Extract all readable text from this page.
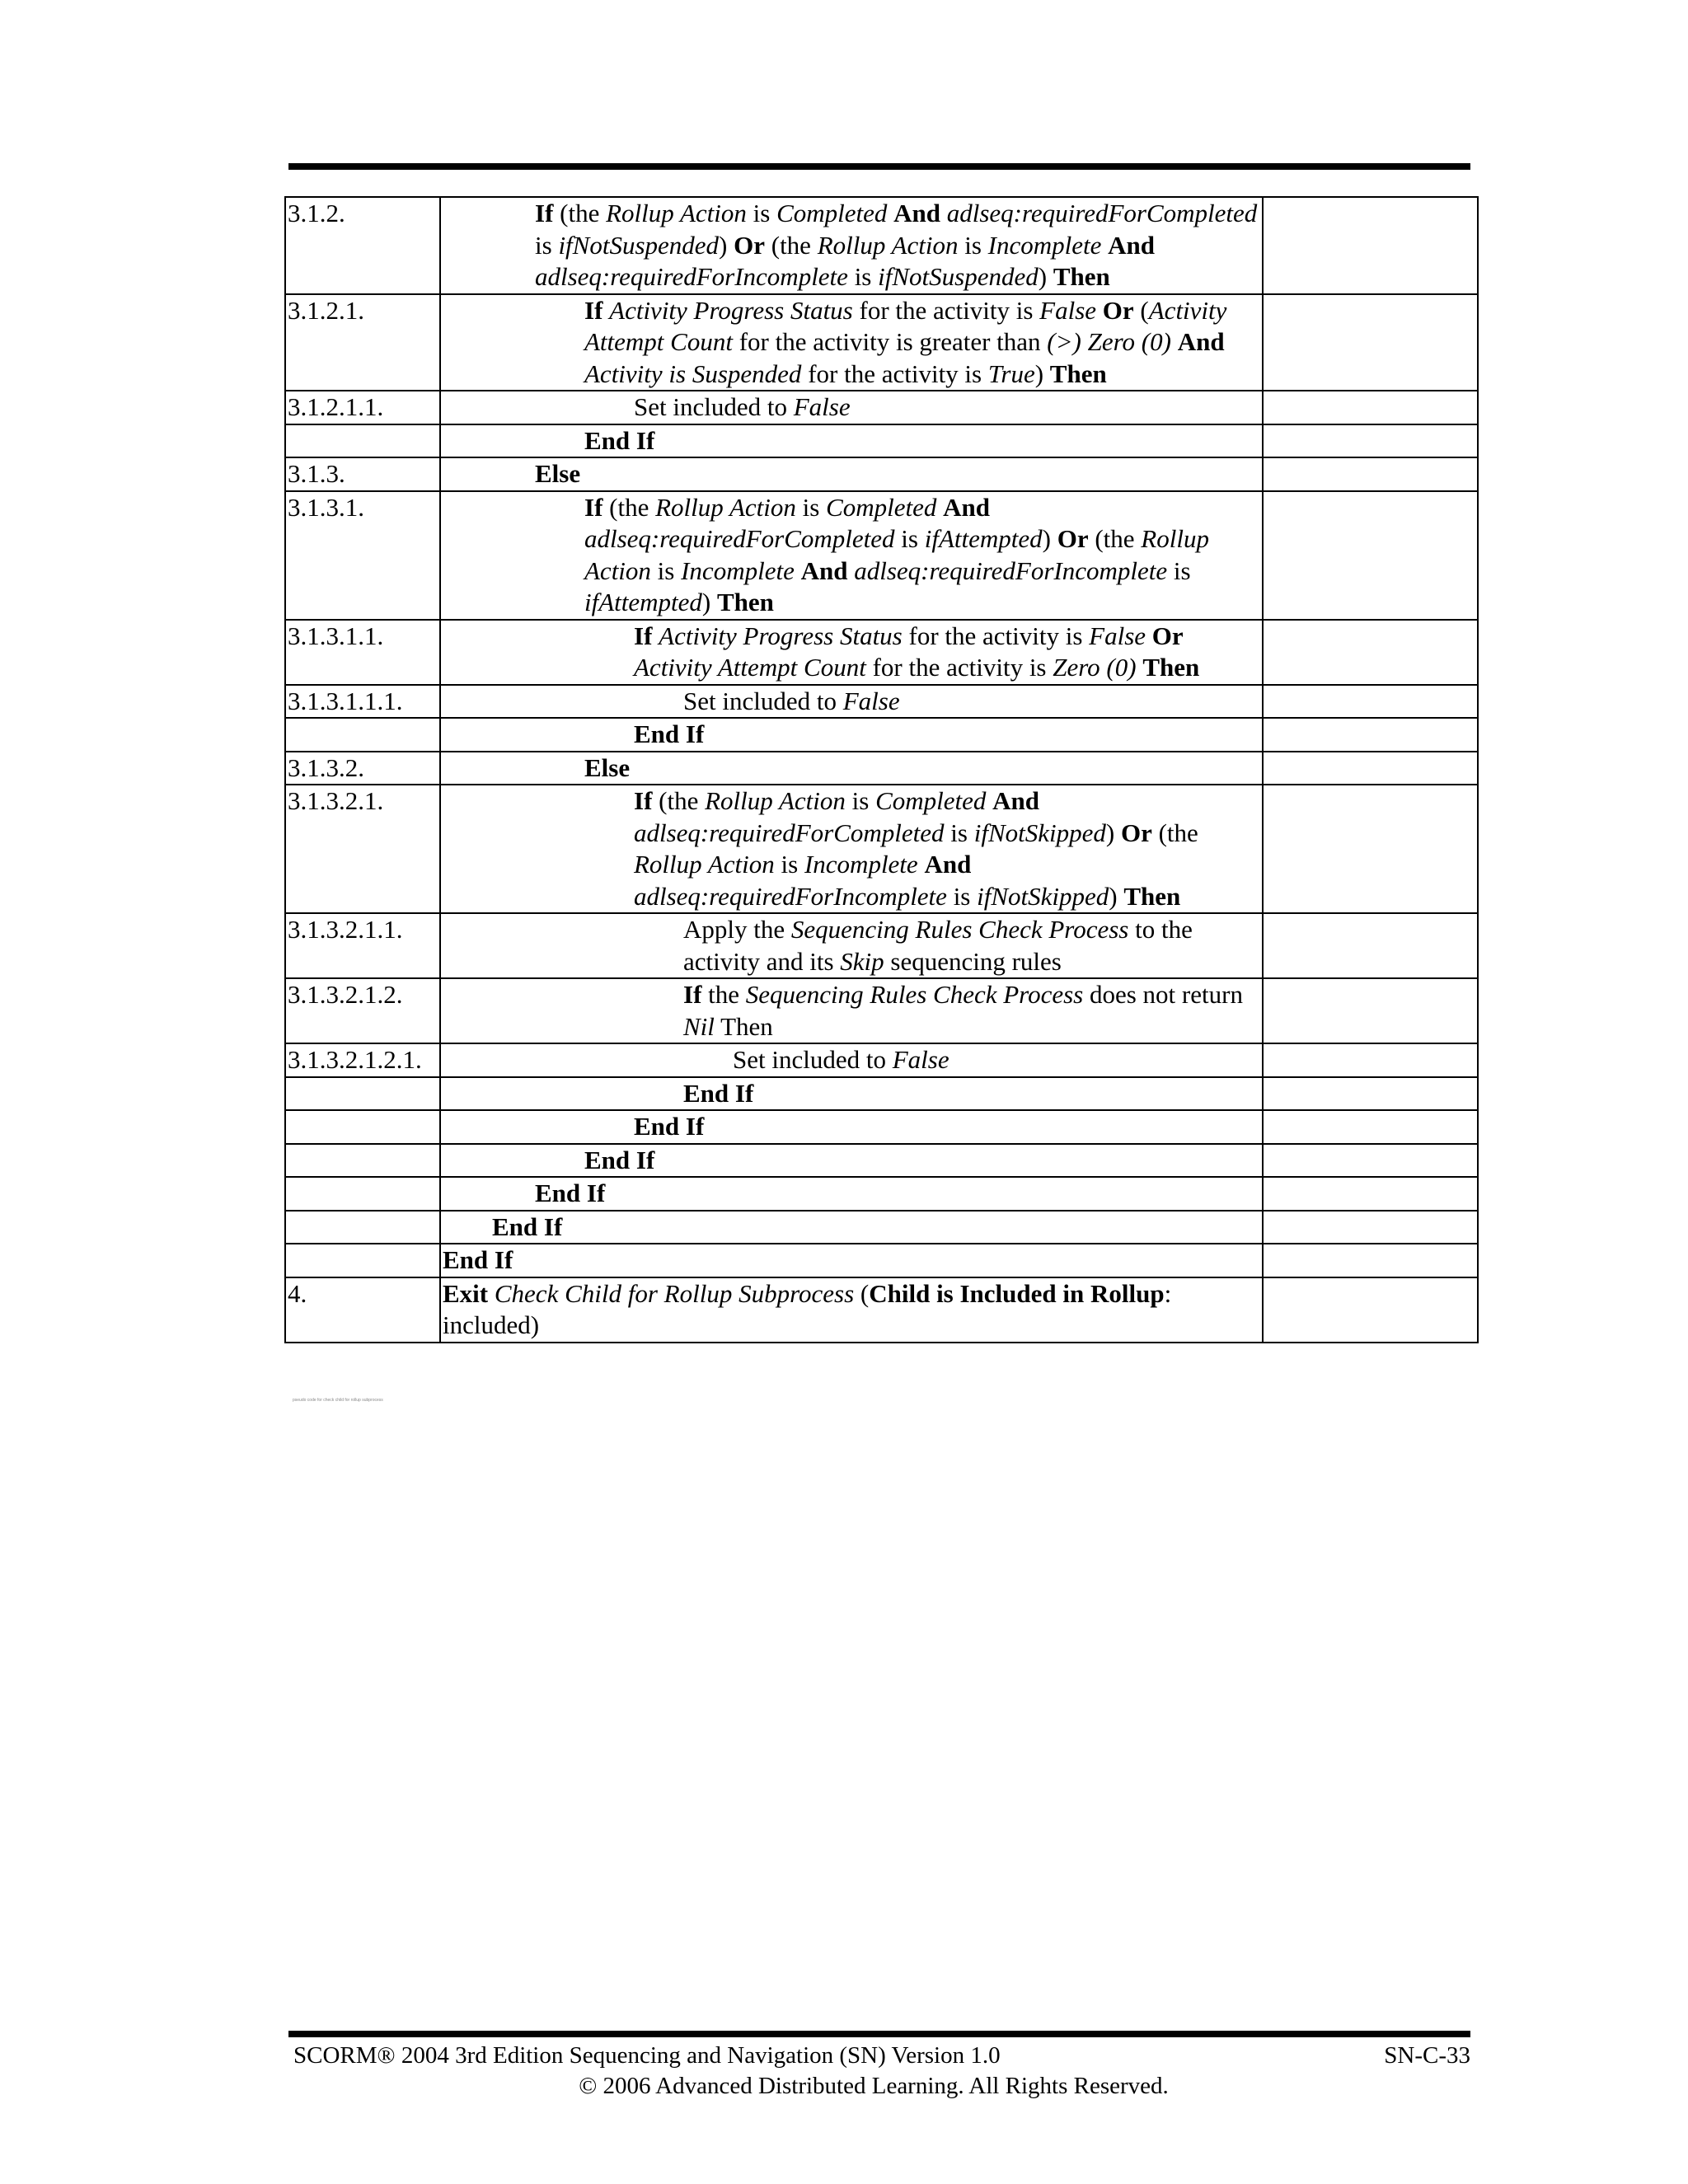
3.1.2.	If (the Rollup Action is Completed And adlseq:requiredForCompleted is ifNotSuspended) Or (the Rollup Action is Incomplete And adlseq:requiredForIncomplete is ifNotSuspended) Then	
3.1.2.1.	If Activity Progress Status for the activity is False Or (Activity Attempt Count for the activity is greater than (>) Zero (0) And Activity is Suspended for the activity is True) Then	
3.1.2.1.1.	Set included to False	
	End If	
3.1.3.	Else	
3.1.3.1.	If (the Rollup Action is Completed And adlseq:requiredForCompleted is ifAttempted) Or (the Rollup Action is Incomplete And adlseq:requiredForIncomplete is ifAttempted) Then	
3.1.3.1.1.	If Activity Progress Status for the activity is False Or Activity Attempt Count for the activity is Zero (0) Then	
3.1.3.1.1.1.	Set included to False	
	End If	
3.1.3.2.	Else	
3.1.3.2.1.	If (the Rollup Action is Completed And adlseq:requiredForCompleted is ifNotSkipped) Or (the Rollup Action is Incomplete And adlseq:requiredForIncomplete is ifNotSkipped) Then	
3.1.3.2.1.1.	Apply the Sequencing Rules Check Process to the activity and its Skip sequencing rules	
3.1.3.2.1.2.	If the Sequencing Rules Check Process does not return Nil Then	
3.1.3.2.1.2.1.	Set included to False	
	End If	
	End If	
	End If	
	End If	
	End If	
	End If	
4.	Exit Check Child for Rollup Subprocess (Child is Included in Rollup: included)	
pseudo code for check child for rollup subprocess
SCORM® 2004 3rd Edition Sequencing and Navigation (SN) Version 1.0	SN-C-33
© 2006 Advanced Distributed Learning. All Rights Reserved.
